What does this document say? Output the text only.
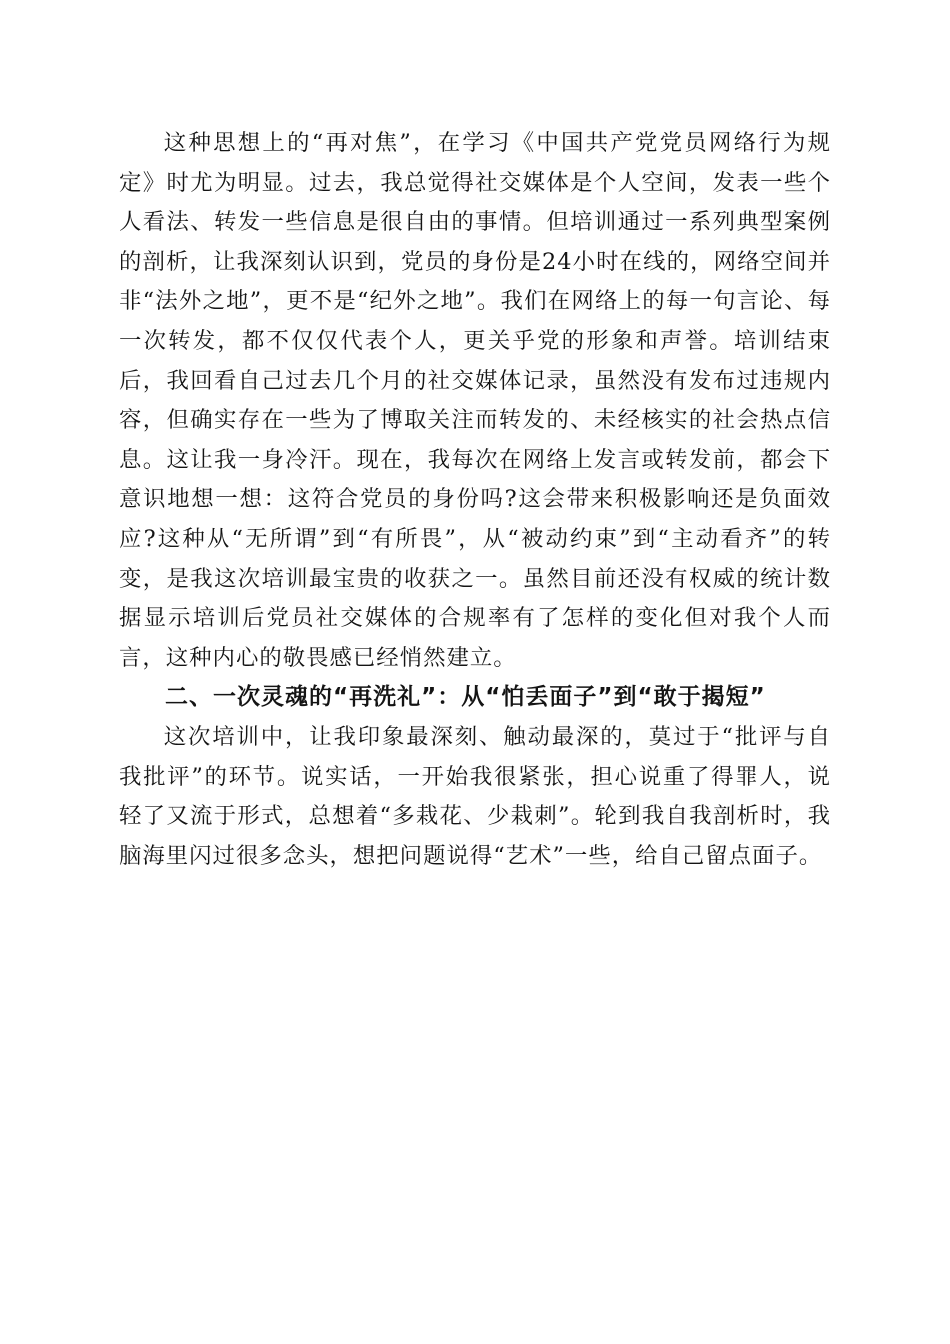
这种思想上的“再对焦”，在学习《中国共产党党员网络行为规定》时尤为明显。过去，我总觉得社交媒体是个人空间，发表一些个人看法、转发一些信息是很自由的事情。但培训通过一系列典型案例的剖析，让我深刻认识到，党员的身份是24小时在线的，网络空间并非“法外之地”，更不是“纪外之地”。我们在网络上的每一句言论、每一次转发，都不仅仅代表个人，更关乎党的形象和声誉。培训结束后，我回看自己过去几个月的社交媒体记录，虽然没有发布过违规内容，但确实存在一些为了博取关注而转发的、未经核实的社会热点信息。这让我一身冷汗。现在，我每次在网络上发言或转发前，都会下意识地想一想：这符合党员的身份吗?这会带来积极影响还是负面效应?这种从“无所谓”到“有所畏”，从“被动约束”到“主动看齐”的转变，是我这次培训最宝贵的收获之一。虽然目前还没有权威的统计数据显示培训后党员社交媒体的合规率有了怎样的变化但对我个人而言，这种内心的敬畏感已经悄然建立。

二、一次灵魂的“再洗礼”：从“怕丢面子”到“敢于揭短”

这次培训中，让我印象最深刻、触动最深的，莫过于“批评与自我批评”的环节。说实话，一开始我很紧张，担心说重了得罪人，说轻了又流于形式，总想着“多栽花、少栽刺”。轮到我自我剖析时，我脑海里闪过很多念头，想把问题说得“艺术”一些，给自己留点面子。
